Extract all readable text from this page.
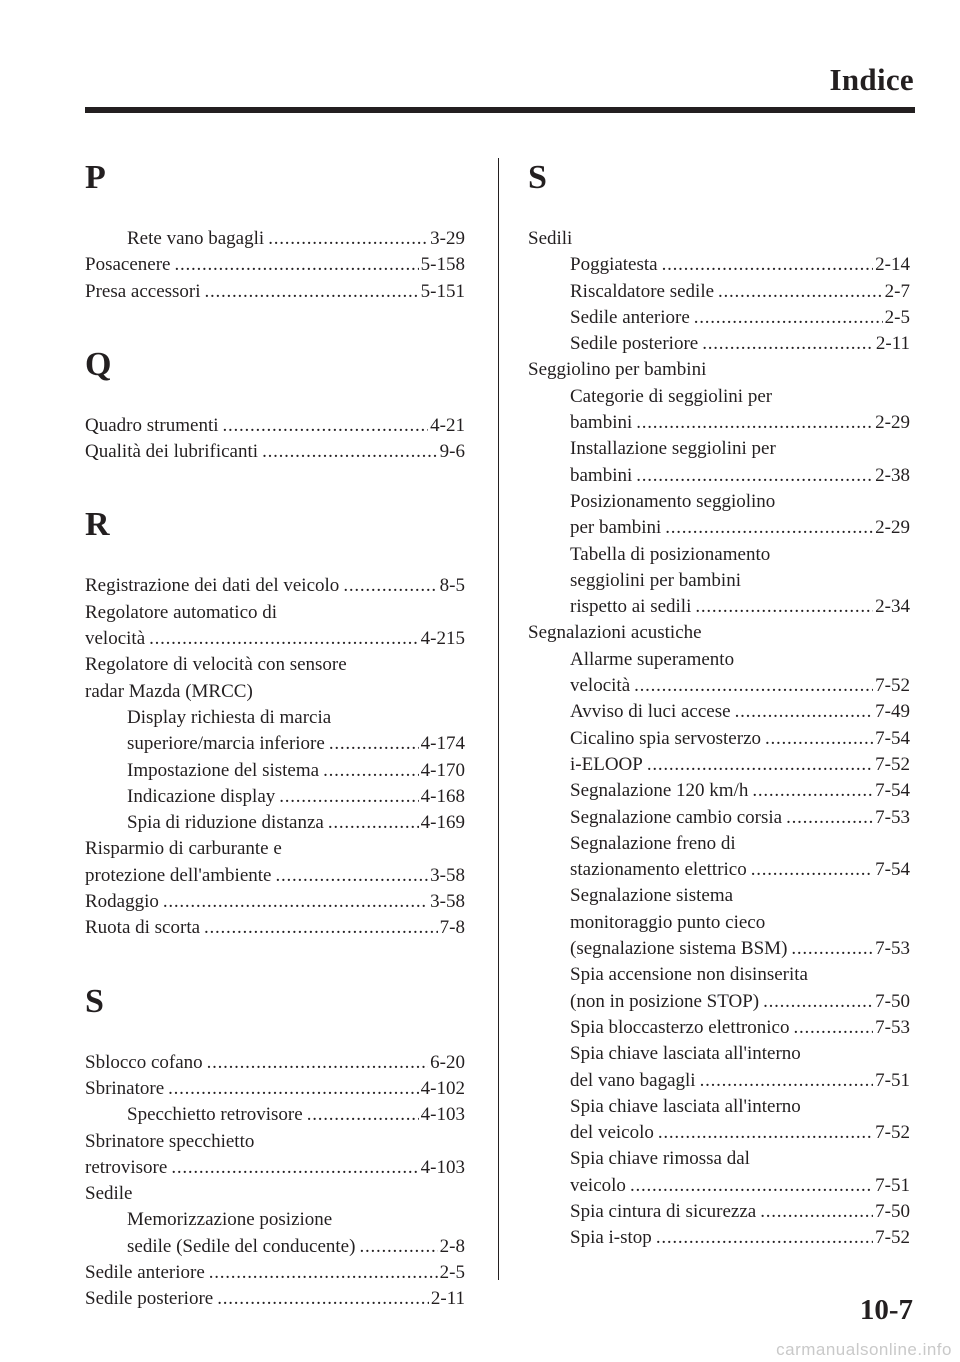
Indice
P
Rete vano bagagli . . .	3-29
Posacenere . . .	5-158
Presa accessori . . .	5-151
Q
Quadro strumenti . . .	4-21
Qualità dei lubrificanti . . .	9-6
R
Registrazione dei dati del veicolo . . .	8-5
Regolatore automatico di
velocità . . .	4-215
Regolatore di velocità con sensore
radar Mazda (MRCC)
Display richiesta di marcia
superiore/marcia inferiore . . .	4-174
Impostazione del sistema . . .	4-170
Indicazione display . . .	4-168
Spia di riduzione distanza . . .	4-169
Risparmio di carburante e
protezione dell'ambiente . . .	3-58
Rodaggio . . .	3-58
Ruota di scorta . . .	7-8
S
Sblocco cofano . . .	6-20
Sbrinatore . . .	4-102
Specchietto retrovisore . . .	4-103
Sbrinatore specchietto
retrovisore . . .	4-103
Sedile
Memorizzazione posizione
sedile (Sedile del conducente) . . .	2-8
Sedile anteriore . . .	2-5
Sedile posteriore . . .	2-11
S
Sedili
Poggiatesta . . .	2-14
Riscaldatore sedile . . .	2-7
Sedile anteriore . . .	2-5
Sedile posteriore . . .	2-11
Seggiolino per bambini
Categorie di seggiolini per
bambini . . .	2-29
Installazione seggiolini per
bambini . . .	2-38
Posizionamento seggiolino
per bambini . . .	2-29
Tabella di posizionamento
seggiolini per bambini
rispetto ai sedili . . .	2-34
Segnalazioni acustiche
Allarme superamento
velocità . . .	7-52
Avviso di luci accese . . .	7-49
Cicalino spia servosterzo . . .	7-54
i-ELOOP . . .	7-52
Segnalazione 120 km/h . . .	7-54
Segnalazione cambio corsia . . .	7-53
Segnalazione freno di
stazionamento elettrico . . .	7-54
Segnalazione sistema
monitoraggio punto cieco
(segnalazione sistema BSM) . . .	7-53
Spia accensione non disinserita
(non in posizione STOP) . . .	7-50
Spia bloccasterzo elettronico . . .	7-53
Spia chiave lasciata all'interno
del vano bagagli . . .	7-51
Spia chiave lasciata all'interno
del veicolo . . .	7-52
Spia chiave rimossa dal
veicolo . . .	7-51
Spia cintura di sicurezza . . .	7-50
Spia i-stop . . .	7-52
10-7
carmanualsonline.info
